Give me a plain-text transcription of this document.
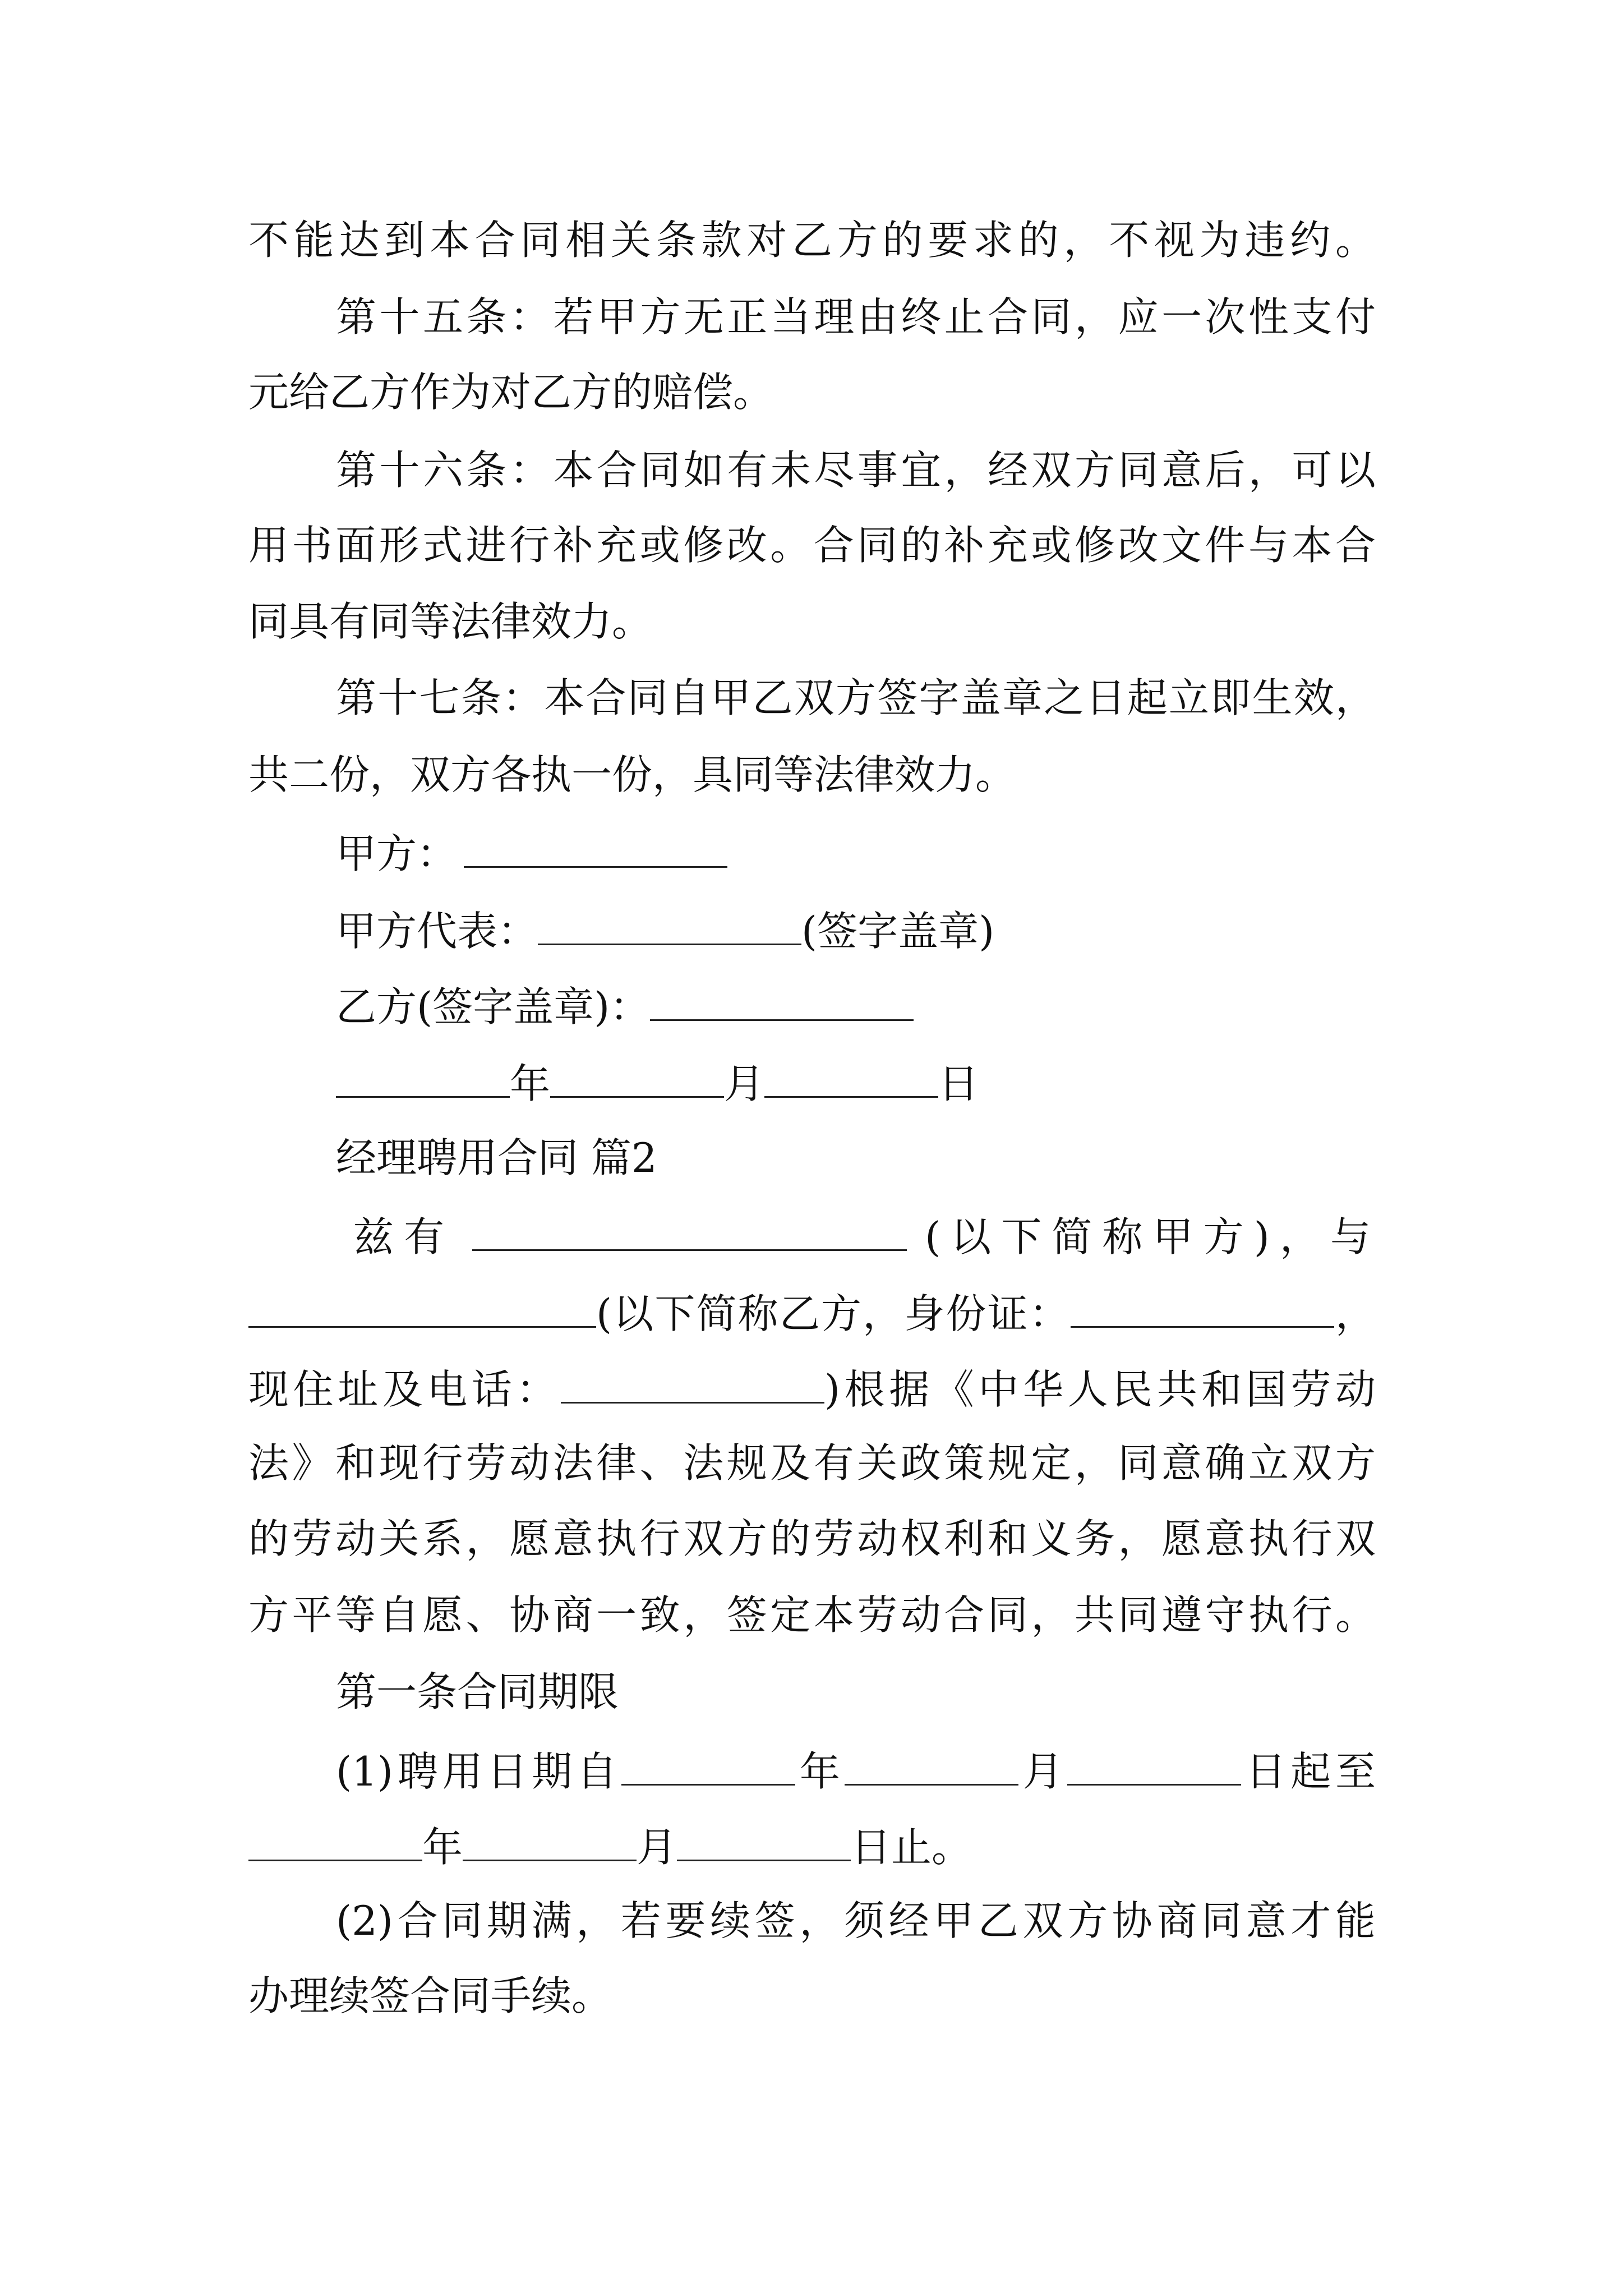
不能达到本合同相关条款对乙方的要求的，不视为违约。
第十五条：若甲方无正当理由终止合同，应一次性支付
元给乙方作为对乙方的赔偿。
第十六条：本合同如有未尽事宜，经双方同意后，可以
用书面形式进行补充或修改。合同的补充或修改文件与本合
同具有同等法律效力。
第十七条：本合同自甲乙双方签字盖章之日起立即生效，
共二份，双方各执一份，具同等法律效力。
甲方：
甲方代表：	(签字盖章)
乙方(签字盖章)：
年	月	日
经理聘用合同 篇2
兹有	(以下简称甲方)，与
(以下简称乙方，身份证：	，
现住址及电话：	)根据《中华人民共和国劳动
法》和现行劳动法律、法规及有关政策规定，同意确立双方
的劳动关系，愿意执行双方的劳动权利和义务，愿意执行双
方平等自愿、协商一致，签定本劳动合同，共同遵守执行。
第一条合同期限
(1)聘用日期自	年	月	日起至
年	月	日止。
(2)合同期满，若要续签，须经甲乙双方协商同意才能
办理续签合同手续。
